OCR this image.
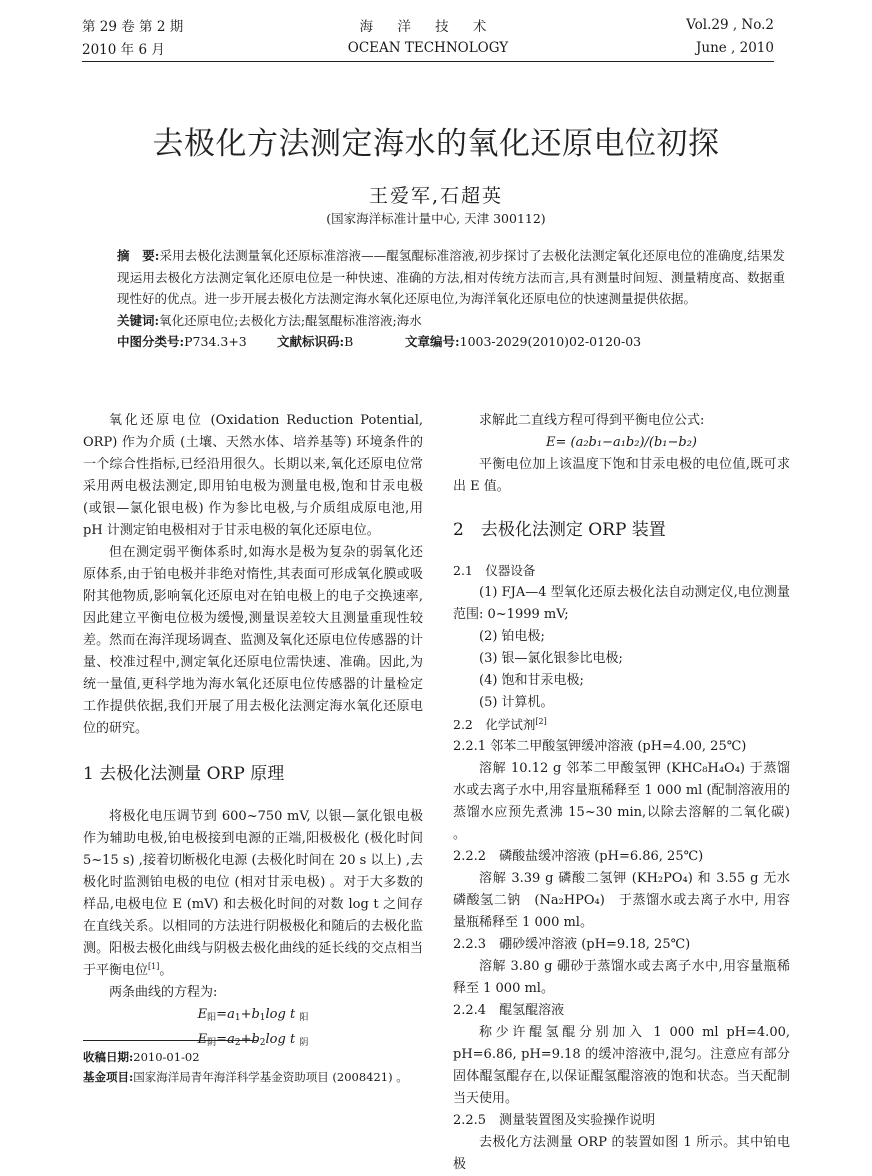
第 29 卷 第 2 期	海 洋 技 术	Vol.29 , No.2
2010 年 6 月	OCEAN TECHNOLOGY	June , 2010
去极化方法测定海水的氧化还原电位初探
王爱军,石超英
(国家海洋标准计量中心, 天津 300112)

摘　要:采用去极化法测量氧化还原标准溶液——醌氢醌标准溶液,初步探讨了去极化法测定氧化还原电位的准确度,结果发现运用去极化方法测定氧化还原电位是一种快速、准确的方法,相对传统方法而言,具有测量时间短、测量精度高、数据重现性好的优点。进一步开展去极化方法测定海水氧化还原电位,为海洋氧化还原电位的快速测量提供依据。

关键词:氧化还原电位;去极化方法;醌氢醌标准溶液;海水

中图分类号:P734.3+3 文献标识码:B	文章编号:1003-2029(2010)02-0120-03

氧化还原电位 (Oxidation Reduction Potential, ORP) 作为介质 (土壤、天然水体、培养基等) 环境条件的一个综合性指标,已经沿用很久。长期以来,氧化还原电位常采用两电极法测定,即用铂电极为测量电极,饱和甘汞电极 (或银—氯化银电极) 作为参比电极,与介质组成原电池,用 pH 计测定铂电极相对于甘汞电极的氧化还原电位。

但在测定弱平衡体系时,如海水是极为复杂的弱氧化还原体系,由于铂电极并非绝对惰性,其表面可形成氧化膜或吸附其他物质,影响氧化还原电对在铂电极上的电子交换速率,因此建立平衡电位极为缓慢,测量误差较大且测量重现性较差。然而在海洋现场调查、监测及氧化还原电位传感器的计量、校准过程中,测定氧化还原电位需快速、准确。因此,为统一量值,更科学地为海水氧化还原电位传感器的计量检定工作提供依据,我们开展了用去极化法测定海水氧化还原电位的研究。

1 去极化法测量 ORP 原理

将极化电压调节到 600~750 mV, 以银—氯化银电极作为辅助电极,铂电极接到电源的正端,阳极极化 (极化时间 5~15 s) ,接着切断极化电源 (去极化时间在 20 s 以上) ,去极化时监测铂电极的电位 (相对甘汞电极) 。对于大多数的样品,电极电位 E (mV) 和去极化时间的对数 log t 之间存在直线关系。以相同的方法进行阴极极化和随后的去极化监测。阳极去极化曲线与阴极去极化曲线的延长线的交点相当于平衡电位[1]。

两条曲线的方程为:

$E_阳=a_1+b_1\log$ t $_阳$

$E_阴=a_2+b_2\log$ t $_阴$

求解此二直线方程可得到平衡电位公式:

E= (a₂b₁−a₁b₂)/(b₁−b₂)

平衡电位加上该温度下饱和甘汞电极的电位值,既可求出 E 值。

2　去极化法测定 ORP 装置

2.1　仪器设备

(1) FJA—4 型氧化还原去极化法自动测定仪,电位测量范围: 0~1999 mV;

(2) 铂电极;

(3) 银—氯化银参比电极;

(4) 饱和甘汞电极;

(5) 计算机。

2.2　化学试剂[2]

2.2.1 邻苯二甲酸氢钾缓冲溶液 (pH=4.00, 25℃)

溶解 10.12 g 邻苯二甲酸氢钾 (KHC₈H₄O₄) 于蒸馏水或去离子水中,用容量瓶稀释至 1 000 ml (配制溶液用的蒸馏水应预先煮沸 15~30 min,以除去溶解的二氧化碳) 。

2.2.2　磷酸盐缓冲溶液 (pH=6.86, 25℃)

溶解 3.39 g 磷酸二氢钾 (KH₂PO₄) 和 3.55 g 无水磷酸氢二钠　(Na₂HPO₄)　于蒸馏水或去离子水中, 用容量瓶稀释至 1 000 ml。

2.2.3　硼砂缓冲溶液 (pH=9.18, 25℃)

溶解 3.80 g 硼砂于蒸馏水或去离子水中,用容量瓶稀释至 1 000 ml。

2.2.4　醌氢醌溶液

称少许醌氢醌分别加入 1 000 ml pH=4.00, pH=6.86, pH=9.18 的缓冲溶液中,混匀。注意应有部分固体醌氢醌存在,以保证醌氢醌溶液的饱和状态。当天配制当天使用。

2.2.5　测量装置图及实验操作说明

去极化方法测量 ORP 的装置如图 1 所示。其中铂电极

收稿日期:2010-01-02

基金项目:国家海洋局青年海洋科学基金资助项目 (2008421) 。
